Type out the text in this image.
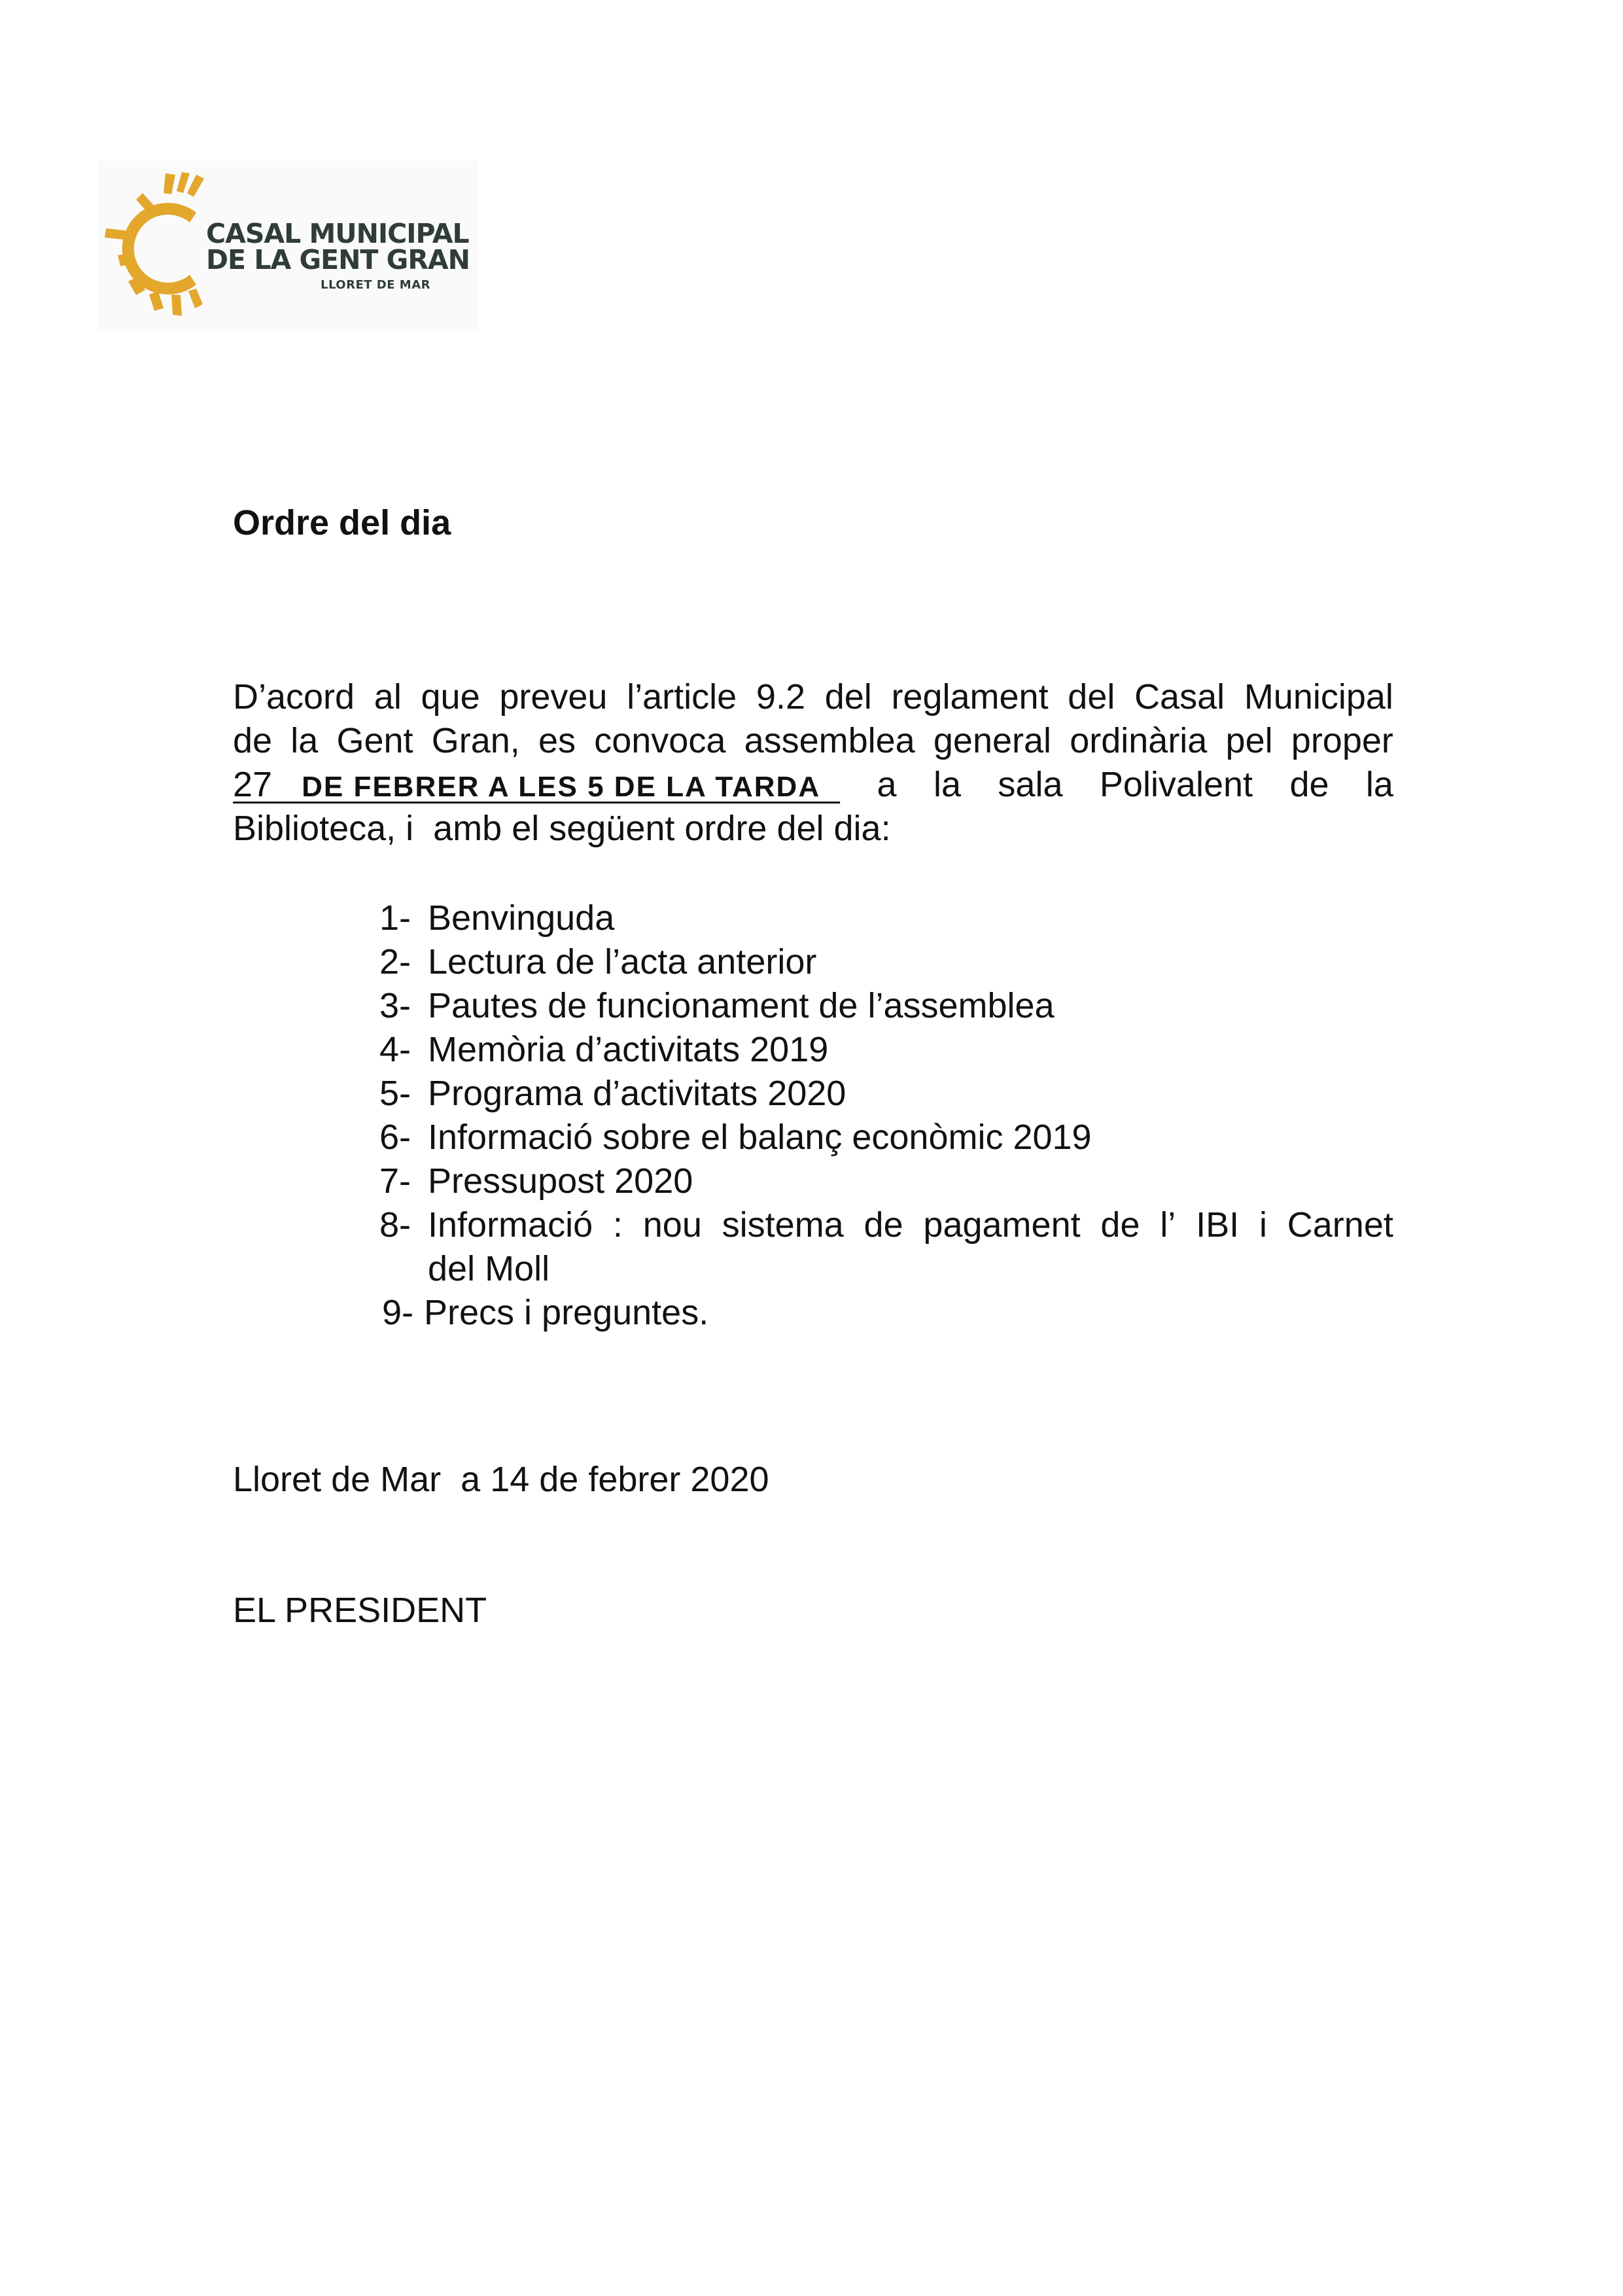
CASAL MUNICIPAL
DE LA GENT GRAN
LLORET DE MAR
Ordre del dia
D’acord al que preveu l’article 9.2 del reglament del Casal Municipal
de la Gent Gran, es convoca assemblea general ordinària pel proper
27 DE FEBRER A LES 5 DE LA TARDA	a la sala Polivalent de la
Biblioteca, i  amb el següent ordre del dia:
1- Benvinguda
2- Lectura de l’acta anterior
3- Pautes de funcionament de l’assemblea
4- Memòria d’activitats 2019
5- Programa d’activitats 2020
6- Informació sobre el balanç econòmic 2019
7- Pressupost 2020
8- Informació : nou sistema de pagament de l’ IBI i Carnet
del Moll
9- Precs i preguntes.

Lloret de Mar  a 14 de febrer 2020

EL PRESIDENT
